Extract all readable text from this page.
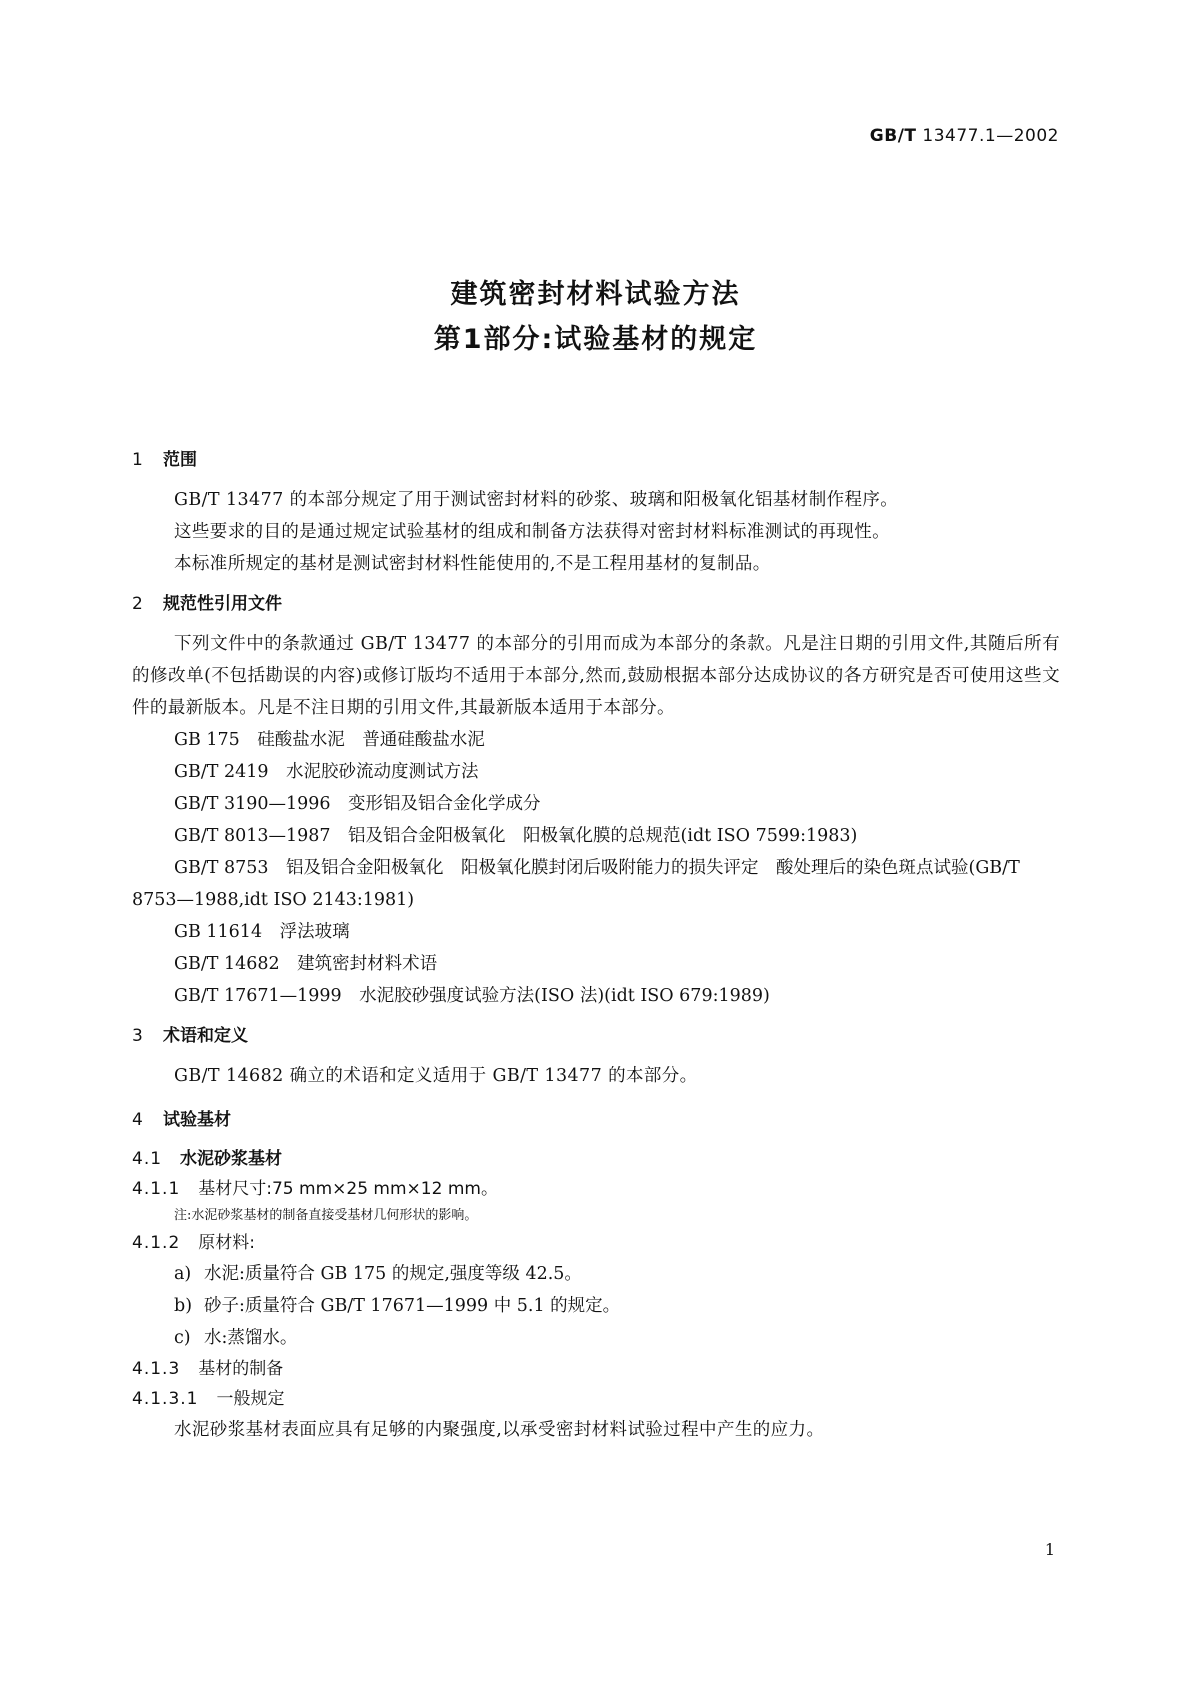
GB/T 13477.1—2002

建筑密封材料试验方法

第1部分:试验基材的规定

1 范围

GB/T 13477 的本部分规定了用于测试密封材料的砂浆、玻璃和阳极氧化铝基材制作程序。

这些要求的目的是通过规定试验基材的组成和制备方法获得对密封材料标准测试的再现性。

本标准所规定的基材是测试密封材料性能使用的,不是工程用基材的复制品。

2 规范性引用文件

下列文件中的条款通过 GB/T 13477 的本部分的引用而成为本部分的条款。凡是注日期的引用文件,其随后所有的修改单(不包括勘误的内容)或修订版均不适用于本部分,然而,鼓励根据本部分达成协议的各方研究是否可使用这些文件的最新版本。凡是不注日期的引用文件,其最新版本适用于本部分。

GB 175　硅酸盐水泥　普通硅酸盐水泥

GB/T 2419　水泥胶砂流动度测试方法

GB/T 3190—1996　变形铝及铝合金化学成分

GB/T 8013—1987　铝及铝合金阳极氧化　阳极氧化膜的总规范(idt ISO 7599:1983)

GB/T 8753　铝及铝合金阳极氧化　阳极氧化膜封闭后吸附能力的损失评定　酸处理后的染色斑点试验(GB/T 8753—1988,idt ISO 2143:1981)

GB 11614　浮法玻璃

GB/T 14682　建筑密封材料术语

GB/T 17671—1999　水泥胶砂强度试验方法(ISO 法)(idt ISO 679:1989)

3 术语和定义

GB/T 14682 确立的术语和定义适用于 GB/T 13477 的本部分。

4 试验基材
4.1 水泥砂浆基材
4.1.1 基材尺寸:75 mm×25 mm×12 mm。

注:水泥砂浆基材的制备直接受基材几何形状的影响。

4.1.2 原材料:

a) 水泥:质量符合 GB 175 的规定,强度等级 42.5。

b) 砂子:质量符合 GB/T 17671—1999 中 5.1 的规定。

c) 水:蒸馏水。

4.1.3 基材的制备
4.1.3.1 一般规定

水泥砂浆基材表面应具有足够的内聚强度,以承受密封材料试验过程中产生的应力。

1
